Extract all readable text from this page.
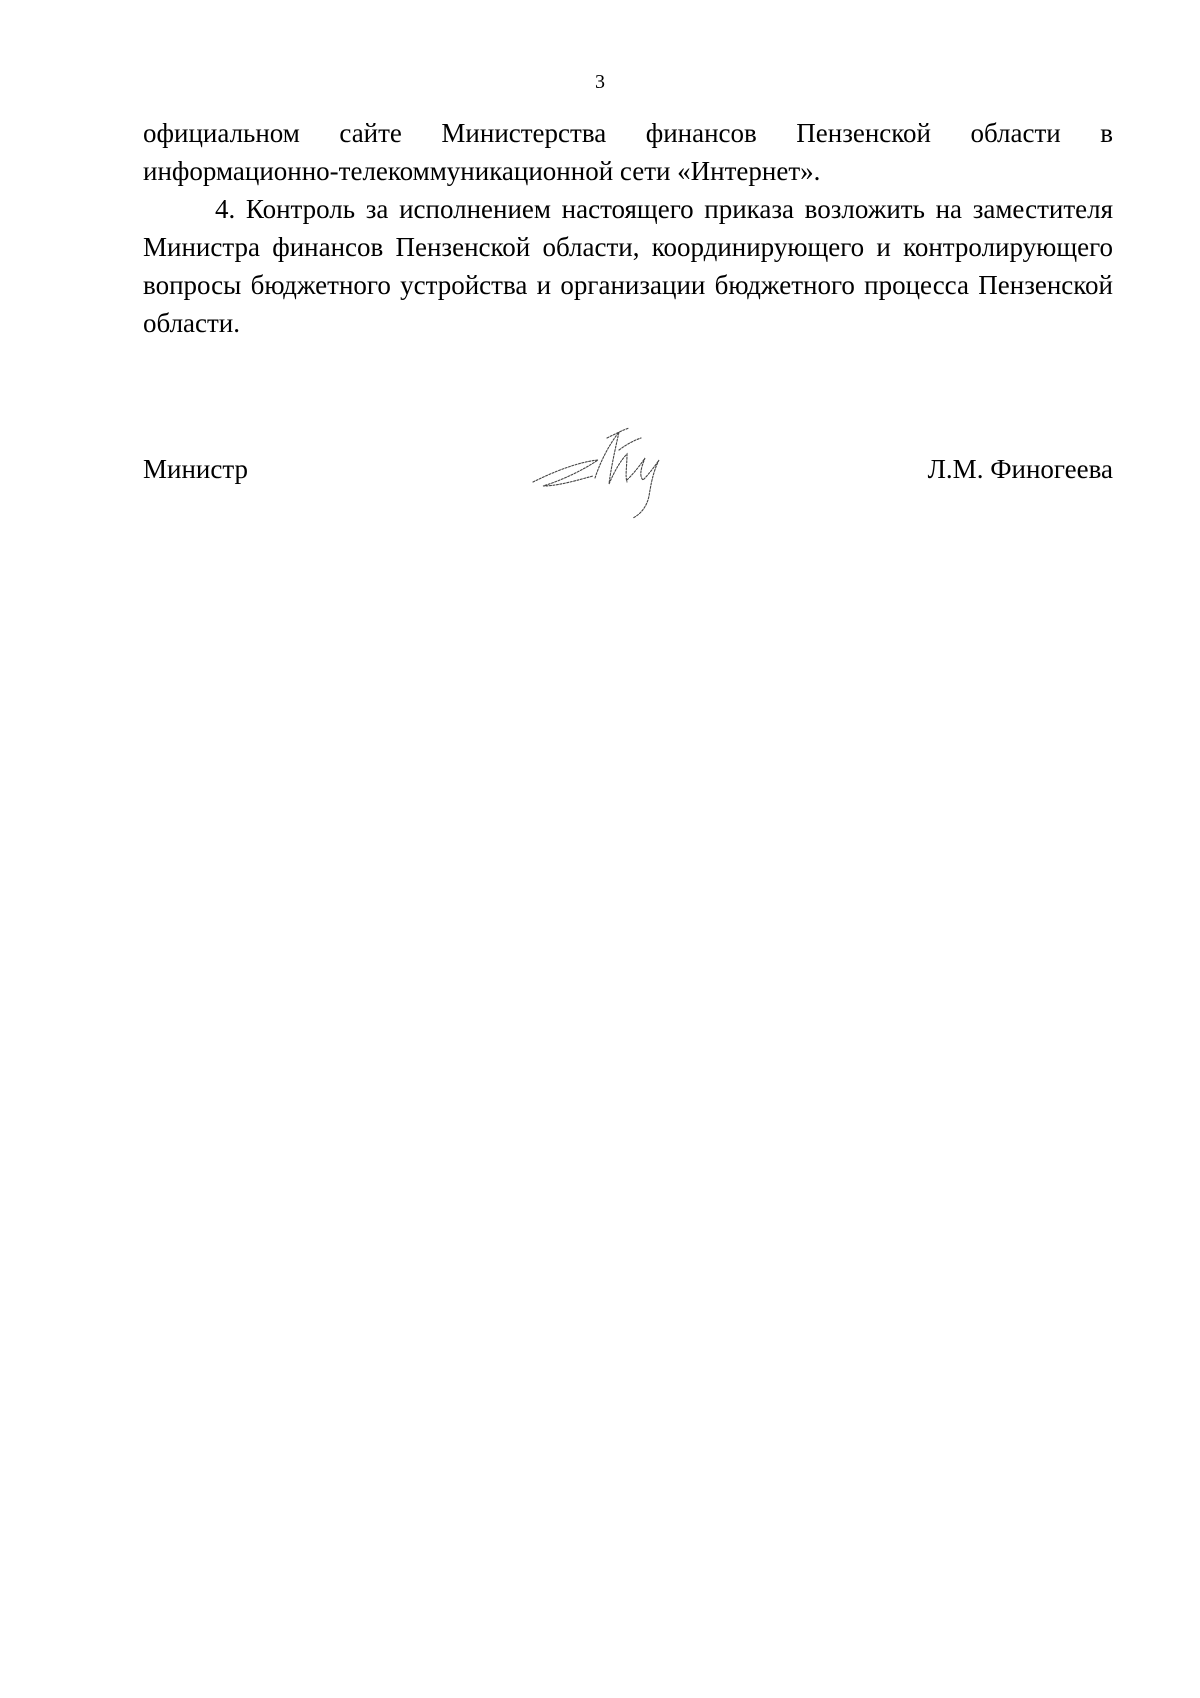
3

официальном сайте Министерства финансов Пензенской области в информационно-телекоммуникационной сети «Интернет».

4. Контроль за исполнением настоящего приказа возложить на заместителя Министра финансов Пензенской области, координирующего и контролирующего вопросы бюджетного устройства и организации бюджетного процесса Пензенской области.

Министр	Л.М. Финогеева
